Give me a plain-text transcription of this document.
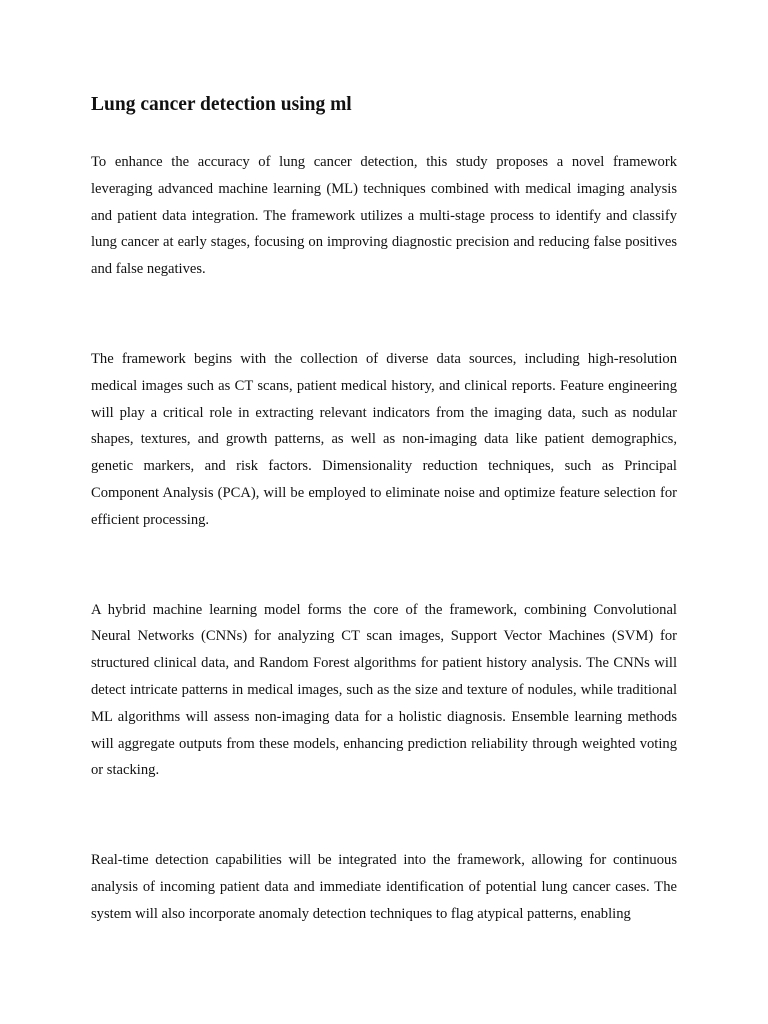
Lung cancer detection using ml

To enhance the accuracy of lung cancer detection, this study proposes a novel framework leveraging advanced machine learning (ML) techniques combined with medical imaging analysis and patient data integration. The framework utilizes a multi-stage process to identify and classify lung cancer at early stages, focusing on improving diagnostic precision and reducing false positives and false negatives.

The framework begins with the collection of diverse data sources, including high-resolution medical images such as CT scans, patient medical history, and clinical reports. Feature engineering will play a critical role in extracting relevant indicators from the imaging data, such as nodular shapes, textures, and growth patterns, as well as non-imaging data like patient demographics, genetic markers, and risk factors. Dimensionality reduction techniques, such as Principal Component Analysis (PCA), will be employed to eliminate noise and optimize feature selection for efficient processing.

A hybrid machine learning model forms the core of the framework, combining Convolutional Neural Networks (CNNs) for analyzing CT scan images, Support Vector Machines (SVM) for structured clinical data, and Random Forest algorithms for patient history analysis. The CNNs will detect intricate patterns in medical images, such as the size and texture of nodules, while traditional ML algorithms will assess non-imaging data for a holistic diagnosis. Ensemble learning methods will aggregate outputs from these models, enhancing prediction reliability through weighted voting or stacking.

Real-time detection capabilities will be integrated into the framework, allowing for continuous analysis of incoming patient data and immediate identification of potential lung cancer cases. The system will also incorporate anomaly detection techniques to flag atypical patterns, enabling
